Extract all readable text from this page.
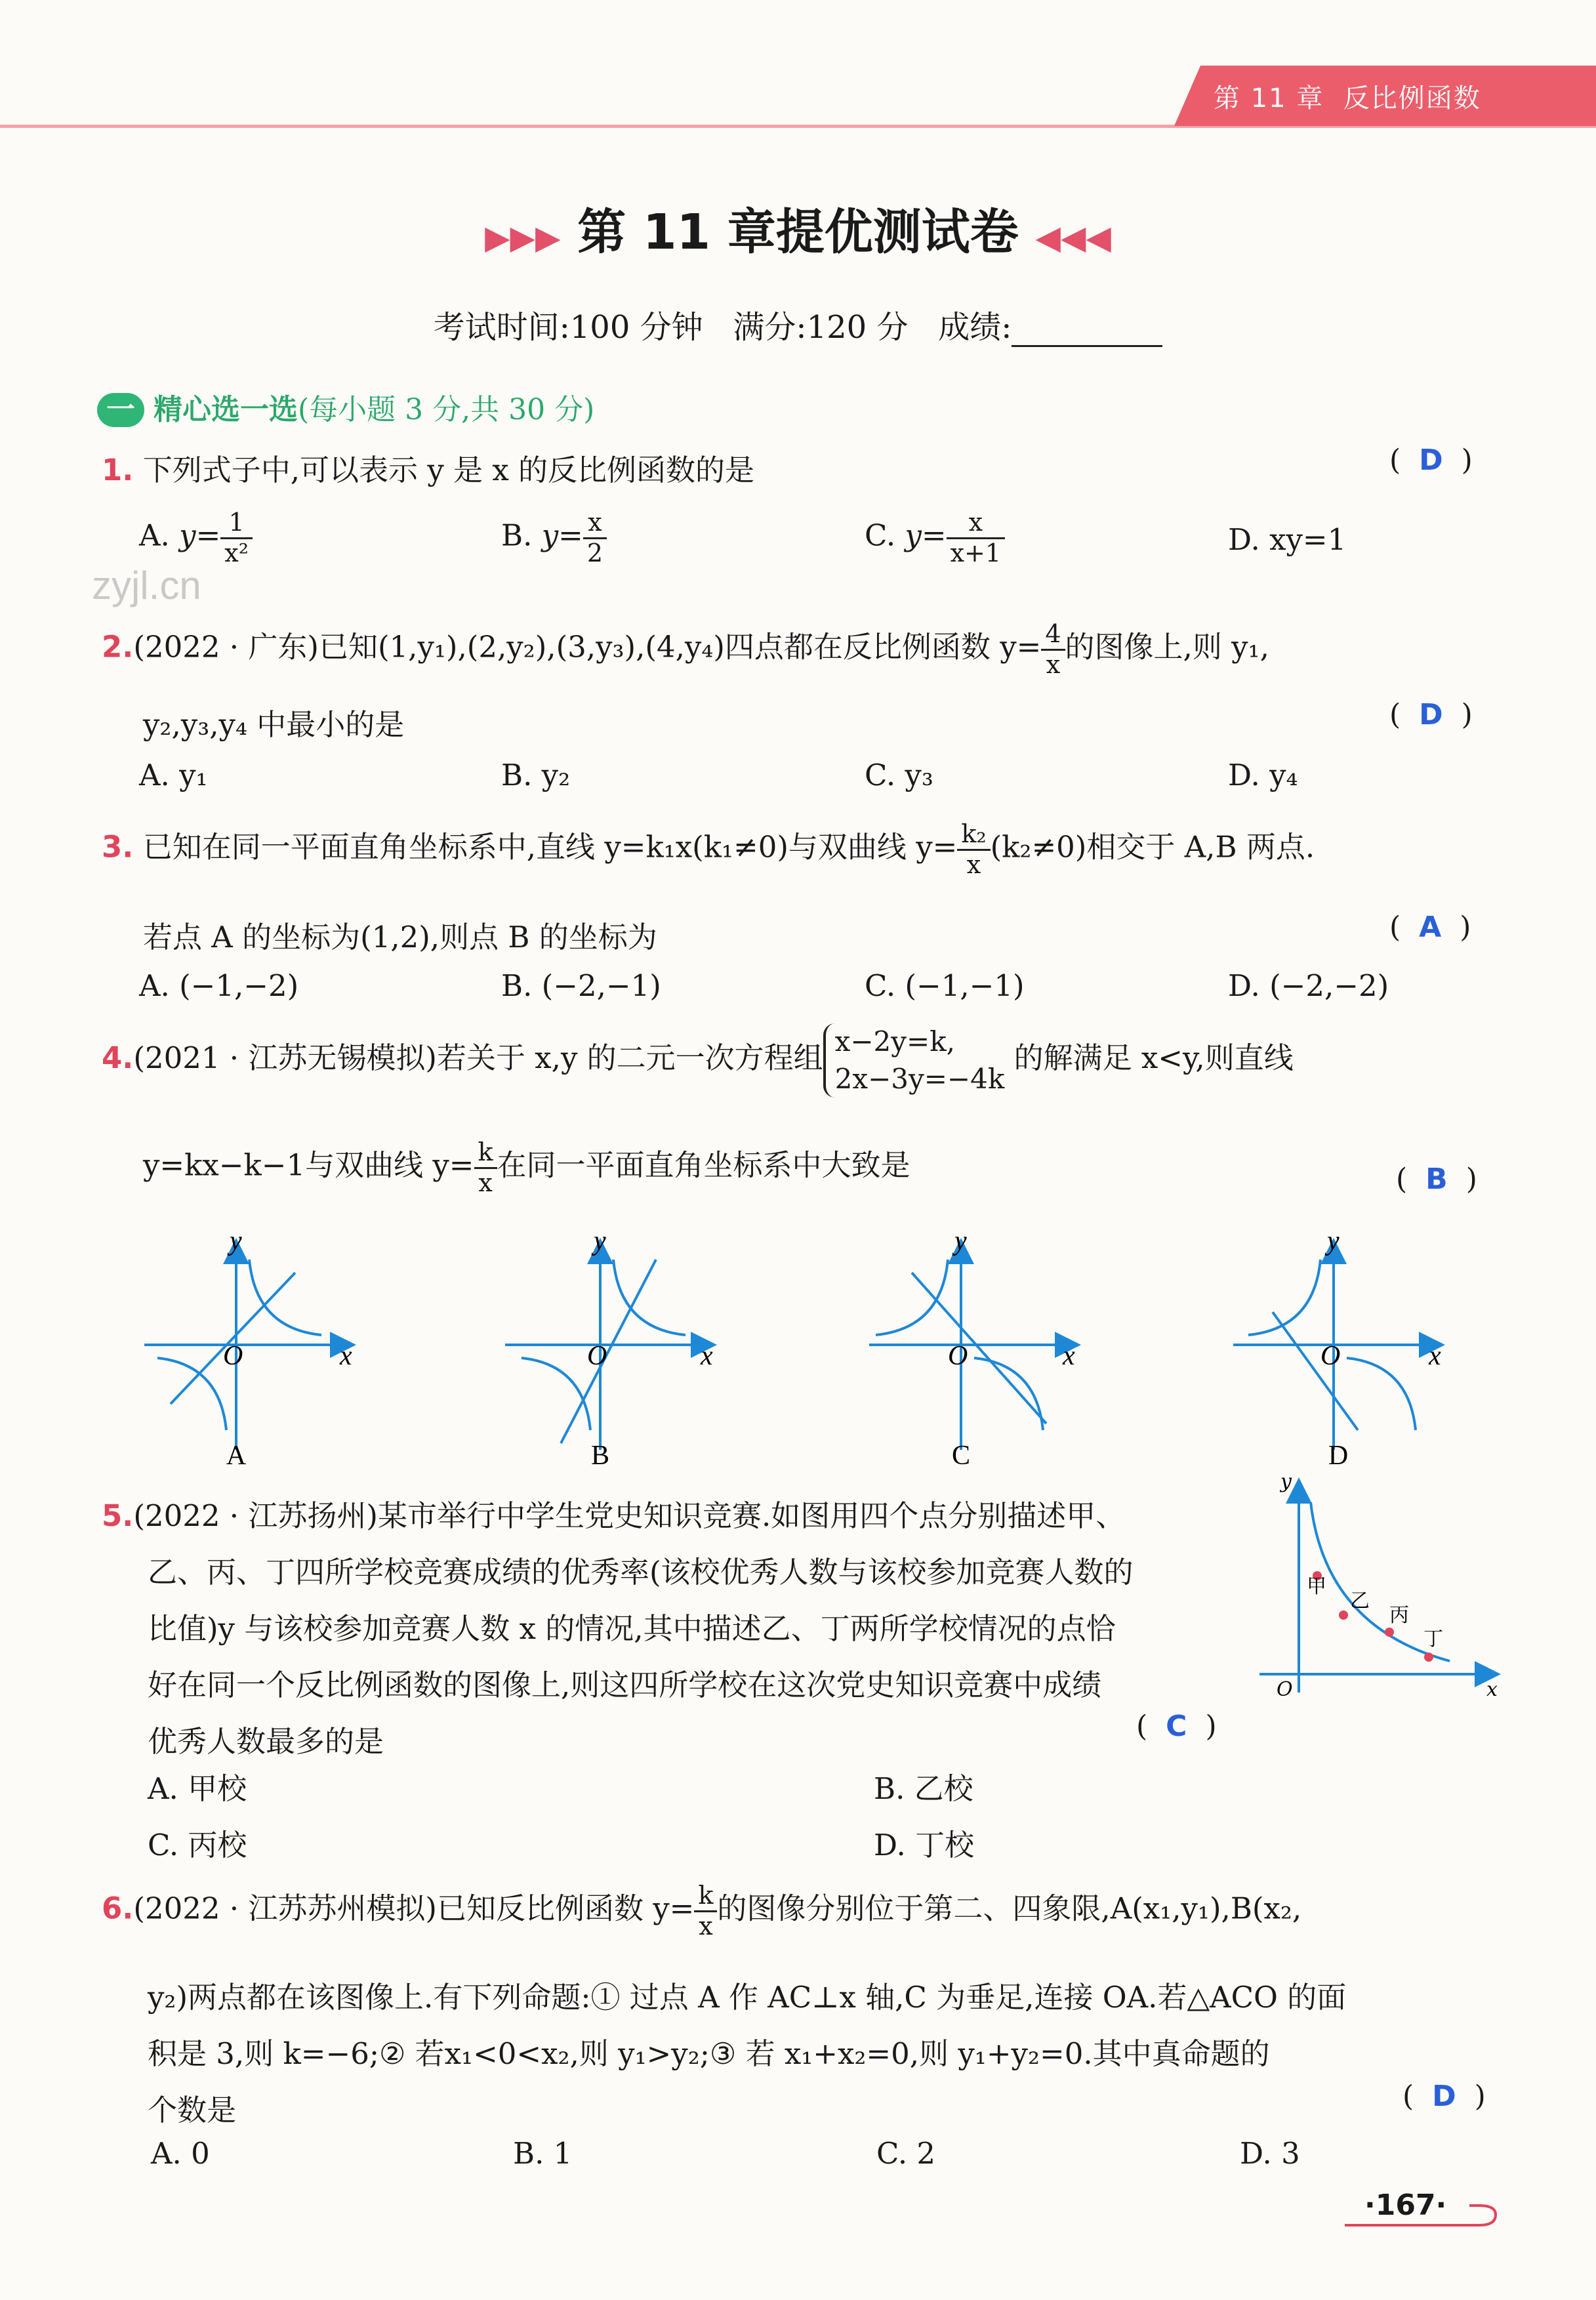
第 11 章 反比例函数
▶▶▶ 第 11 章提优测试卷 ◀◀◀
考试时间:100 分钟 满分:120 分 成绩:
一 精心选一选(每小题 3 分,共 30 分)
zyjl.cn
1. 下列式子中,可以表示 y 是 x 的反比例函数的是	( D )
A. $y= \frac{1}{\text{x²}}$	B. $y= \frac{x}{2}$	C. $y= \frac{x}{x+1}$	D. xy=1
2.(2022 · 广东)已知(1,y₁),(2,y₂),(3,y₃),(4,y₄)四点都在反比例函数 $y= \frac{4}{x}$ 的图像上,则 y₁,
y₂,y₃,y₄ 中最小的是	( D )
A. y₁	B. y₂	C. y₃	D. y₄
3. 已知在同一平面直角坐标系中,直线 y=k₁x(k₁≠0)与双曲线 $y= \frac{\text{k₂}}{x} (k_2\ne 0)$相交于 A,B 两点.
若点 A 的坐标为(1,2),则点 B 的坐标为	( A )
A. (−1,−2)	B. (−2,−1)	C. (−1,−1)	D. (−2,−2)
4.(2021 · 江苏无锡模拟)若关于 x,y 的二元一次方程组 x−2y=k,
2x−3y=−4k
的解满足 x<y,则直线
y=kx−k−1与双曲线 $y= \frac{k}{x}$ 在同一平面直角坐标系中大致是	( B )
y
x
O
A
y
x
O
B
y
x
O
C
y
x
O
D
5.(2022 · 江苏扬州)某市举行中学生党史知识竞赛.如图用四个点分别描述甲、
乙、丙、丁四所学校竞赛成绩的优秀率(该校优秀人数与该校参加竞赛人数的
比值)y 与该校参加竞赛人数 x 的情况,其中描述乙、丁两所学校情况的点恰
好在同一个反比例函数的图像上,则这四所学校在这次党史知识竞赛中成绩
优秀人数最多的是	( C )
甲
乙
丙
丁
y
x
O
A. 甲校	B. 乙校
C. 丙校	D. 丁校
6.(2022 · 江苏苏州模拟)已知反比例函数 $y= \frac{k}{x}$ 的图像分别位于第二、四象限,A(x₁,y₁),B(x₂,
y₂)两点都在该图像上.有下列命题:① 过点 A 作 AC⊥x 轴,C 为垂足,连接 OA.若△ACO 的面
积是 3,则 k=−6;② 若x₁<0<x₂,则 y₁>y₂;③ 若 x₁+x₂=0,则 y₁+y₂=0.其中真命题的
个数是	( D )
A. 0	B. 1	C. 2	D. 3
·167·
